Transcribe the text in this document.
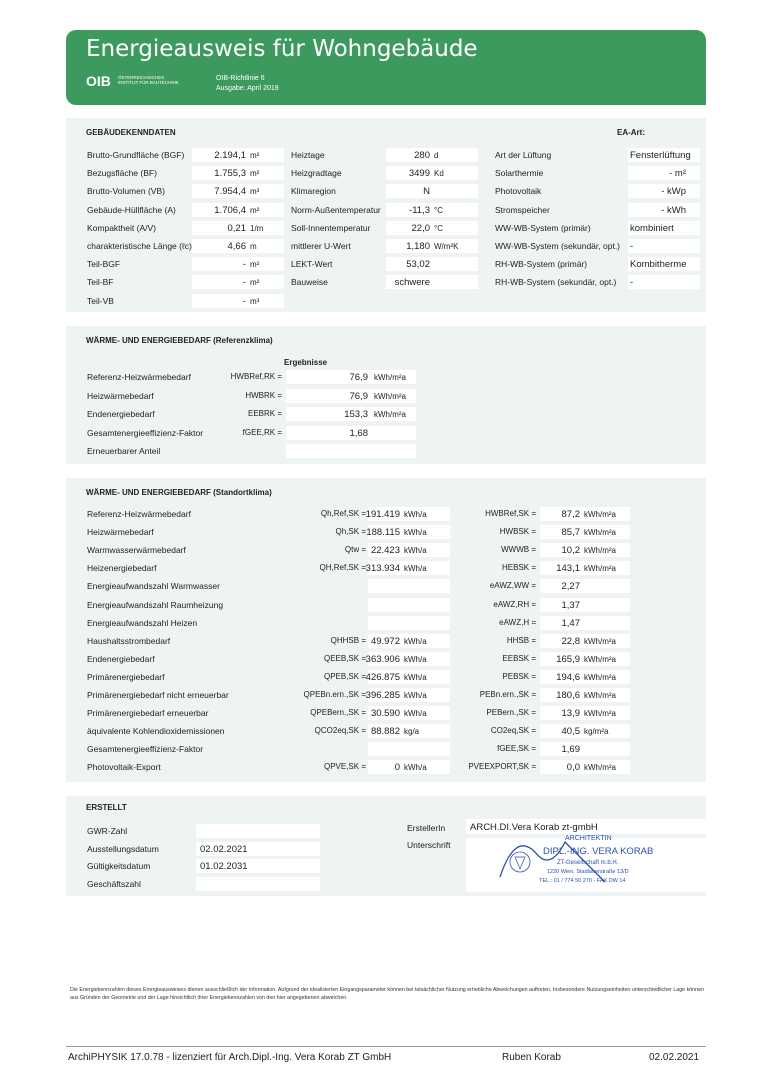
Energieausweis für Wohngebäude
OIB ÖSTERREICHISCHES
INSTITUT FÜR BAUTECHNIK
OIB-Richtlinie 6
Ausgabe: April 2019
GEBÄUDEKENNDATEN	EA-Art:
Brutto-Grundfläche (BGF)	2.194,1 m²
Bezugsfläche (BF)	1.755,3 m²
Brutto-Volumen (VB)	7.954,4 m³
Gebäude-Hüllfläche (A)	1.706,4 m²
Kompaktheit (A/V)	0,21 1/m
charakteristische Länge (ℓc)	4,66 m
Teil-BGF	- m²
Teil-BF	- m²
Teil-VB	- m³
Heiztage	280 d
Heizgradtage	3499 Kd
Klimaregion	N
Norm-Außentemperatur	-11,3 °C
Soll-Innentemperatur	22,0 °C
mittlerer U-Wert	1,180 W/m²K
LEKT-Wert	53,02
Bauweise	schwere
Art der Lüftung	Fensterlüftung
Solarthermie	- m²
Photovoltaik	- kWp
Stromspeicher	- kWh
WW-WB-System (primär)	kombiniert
WW-WB-System (sekundär, opt.) -
RH-WB-System (primär)	Kombitherme
RH-WB-System (sekundär, opt.) -
WÄRME- UND ENERGIEBEDARF (Referenzklima)
Ergebnisse
Referenz-Heizwärmebedarf	HWBRef,RK =	76,9 kWh/m²a
Heizwärmebedarf	HWBRK =	76,9 kWh/m²a
Endenergiebedarf	EEBRK =	153,3 kWh/m²a
Gesamtenergieeffizienz-Faktor	fGEE,RK =	1,68
Erneuerbarer Anteil
WÄRME- UND ENERGIEBEDARF (Standortklima)
Referenz-Heizwärmebedarf	Qh,Ref,SK = 191.419 kWh/a	HWBRef,SK =	87,2 kWh/m²a
Heizwärmebedarf	Qh,SK = 188.115 kWh/a	HWBSK =	85,7 kWh/m²a
Warmwasserwärmebedarf	Qtw = 22.423 kWh/a	WWWB =	10,2 kWh/m²a
Heizenergiebedarf	QH,Ref,SK = 313.934 kWh/a	HEBSK =	143,1 kWh/m²a
Energieaufwandszahl Warmwasser	eAWZ,WW =	2,27
Energieaufwandszahl Raumheizung	eAWZ,RH =	1,37
Energieaufwandszahl Heizen	eAWZ,H =	1,47
Haushaltsstrombedarf	QHHSB = 49.972 kWh/a	HHSB =	22,8 kWh/m²a
Endenergiebedarf	QEEB,SK = 363.906 kWh/a	EEBSK =	165,9 kWh/m²a
Primärenergiebedarf	QPEB,SK = 426.875 kWh/a	PEBSK =	194,6 kWh/m²a
Primärenergiebedarf nicht erneuerbar	QPEBn.ern.,SK = 396.285 kWh/a	PEBn.ern.,SK =	180,6 kWh/m²a
Primärenergiebedarf erneuerbar	QPEBern.,SK = 30.590 kWh/a	PEBern.,SK =	13,9 kWh/m²a
äquivalente Kohlendioxidemissionen	QCO2eq,SK = 88.882 kg/a	CO2eq,SK =	40,5 kg/m²a
Gesamtenergieeffizienz-Faktor	fGEE,SK =	1,69
Photovoltaik-Export	QPVE,SK =	0 kWh/a	PVEEXPORT,SK =	0,0 kWh/m²a
ERSTELLT
GWR-Zahl
Ausstellungsdatum	02.02.2021
Gültigkeitsdatum	01.02.2031
Geschäftszahl
ErstellerIn	ARCH.DI.Vera Korab zt-gmbH
Unterschrift
ARCHITEKTIN
DIPL.-ING. VERA KORAB
ZT-Gesellschaft m.b.H.
1220 Wien, Stadlauerstraße 13/D
TEL.: 01 / 774 50 270 - FAX DW 14
Die Energiekennzahlen dieses Energieausweises dienen ausschließlich der Information. Aufgrund der idealisierten Eingangsparameter können bei tatsächlicher Nutzung erhebliche Abweichungen auftreten. Insbesondere Nutzungseinheiten unterschiedlicher Lage können aus Gründen der Geometrie und der Lage hinsichtlich ihrer Energiekennzahlen von den hier angegebenen abweichen.
ArchiPHYSIK 17.0.78 - lizenziert für Arch.Dipl.-Ing. Vera Korab ZT GmbH	Ruben Korab	02.02.2021
